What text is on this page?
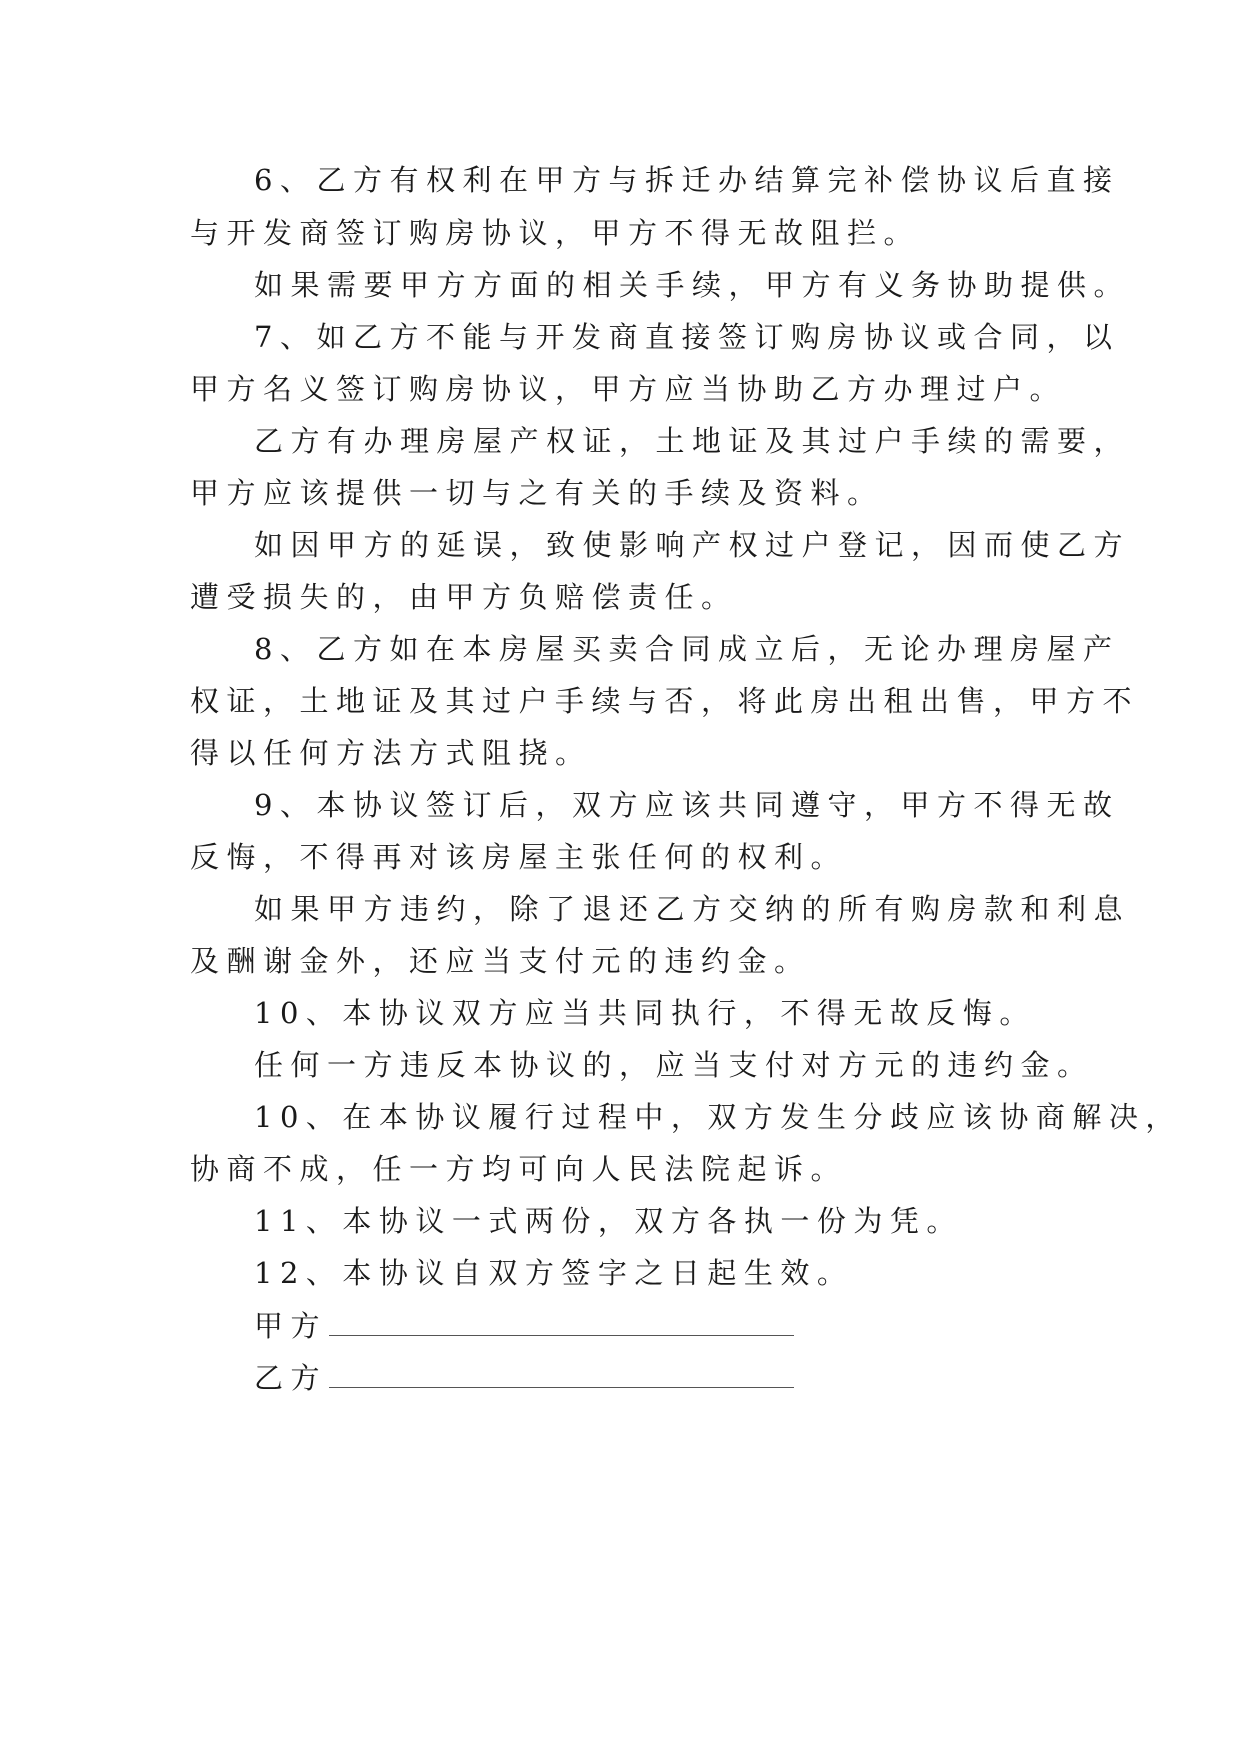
6、乙方有权利在甲方与拆迁办结算完补偿协议后直接
与开发商签订购房协议，甲方不得无故阻拦。
如果需要甲方方面的相关手续，甲方有义务协助提供。
7、如乙方不能与开发商直接签订购房协议或合同，以
甲方名义签订购房协议，甲方应当协助乙方办理过户。
乙方有办理房屋产权证，土地证及其过户手续的需要，
甲方应该提供一切与之有关的手续及资料。
如因甲方的延误，致使影响产权过户登记，因而使乙方
遭受损失的，由甲方负赔偿责任。
8、乙方如在本房屋买卖合同成立后，无论办理房屋产
权证，土地证及其过户手续与否，将此房出租出售，甲方不
得以任何方法方式阻挠。
9、本协议签订后，双方应该共同遵守，甲方不得无故
反悔，不得再对该房屋主张任何的权利。
如果甲方违约，除了退还乙方交纳的所有购房款和利息
及酬谢金外，还应当支付元的违约金。
10、本协议双方应当共同执行，不得无故反悔。
任何一方违反本协议的，应当支付对方元的违约金。
10、在本协议履行过程中，双方发生分歧应该协商解决，
协商不成，任一方均可向人民法院起诉。
11、本协议一式两份，双方各执一份为凭。
12、本协议自双方签字之日起生效。
甲方
乙方
